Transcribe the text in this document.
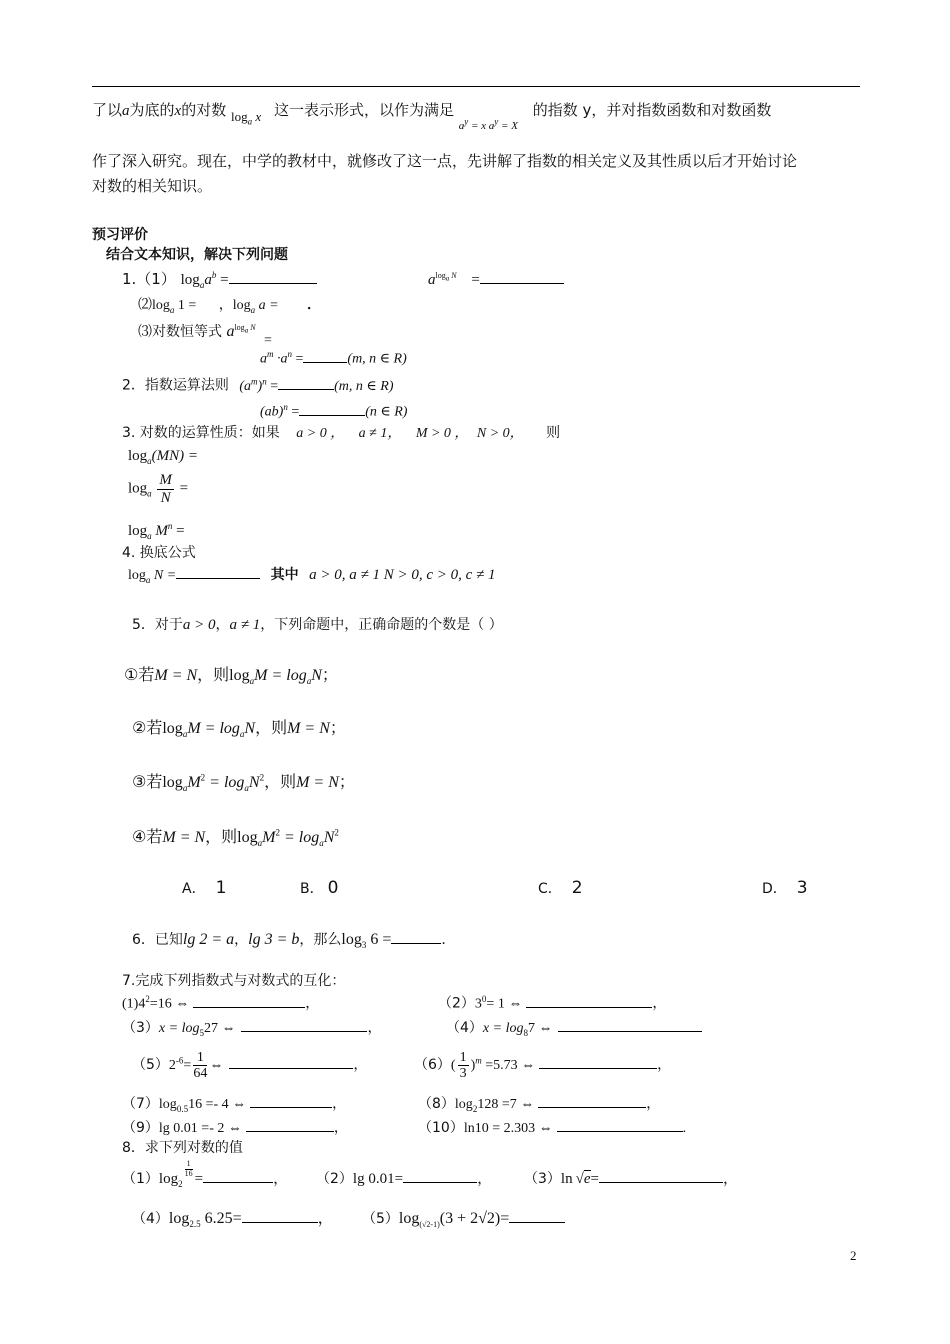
了以a为底的x的对数 $\log_a x$ 这一表示形式，以作为满足 $_{a^y = x a^y = X}$ 的指数 y，并对指数函数和对数函数
作了深入研究。现在，中学的教材中，就修改了这一点，先讲解了指数的相关定义及其性质以后才开始讨论
对数的相关知识。
预习评价
结合文本知识，解决下列问题
1.（1） $\log_aa^b$ =	$a^{log_a N}$ =
$⑵\log_a$ 1 = ，$\log_a a$ = ．
⑶对数恒等式 $a^{log_a N}$ =
$a^m \cdot a^n$ =	(m, n ∈ R)
2．指数运算法则 $(a^m)^n$ =	(m, n ∈ R)
(ab)$^n$ =	(n ∈ R)
3. 对数的运算性质：如果 a > 0 ， a ≠ 1， M > 0 ， N > 0， 则
$\log_a(MN)$ =
$\log_a \frac{M}{N}$ =
$\log_a M^n$ =
4. 换底公式
$\log_a N$ =	其中 a > 0, a ≠ 1 N > 0, c > 0, c ≠ 1
5．对于a > 0，a ≠ 1，下列命题中，正确命题的个数是（ ）
①若M = N，则$\log_aM = \log_aN$；
②若$\log_aM = \log_aN$，则M = N；
③若$\log_aM^2 = \log_aN^2$，则M = N；
④若M = N，则$\log_aM^2 = \log_aN^2$
A． 1	B． 0	C． 2	D． 3
6．已知lg 2 = a，lg 3 = b，那么$\log_3 6$ =	.
7.完成下列指数式与对数式的互化：
$(1)4^2=16$ ⇔	，	$(2)3^0= 1$ ⇔	，
$(3)x = \log_527$ ⇔	，	$(4)x = \log_87$ ⇔
$(5)2^{-6}= \frac{1}{64}$ ⇔	，	$(6)( \frac{1}{3} )^m =5.73$ ⇔	，
$(7)\log_{0.5}16 =- 4$ ⇔	，	$(8)\log_2128 =7$ ⇔	，
（9）lg 0.01 =- 2 ⇔	，	（10）ln10 = 2.303 ⇔	.
8．求下列对数的值
$(1)\log_2$
$\frac{1}{16}$
=	， （2）lg 0.01=	， （3）ln √e=	，
$(4)\log_{2.5}$ 6.25=	， $(5)\log_{(√2-1)}(3 + 2√2)=$
2
